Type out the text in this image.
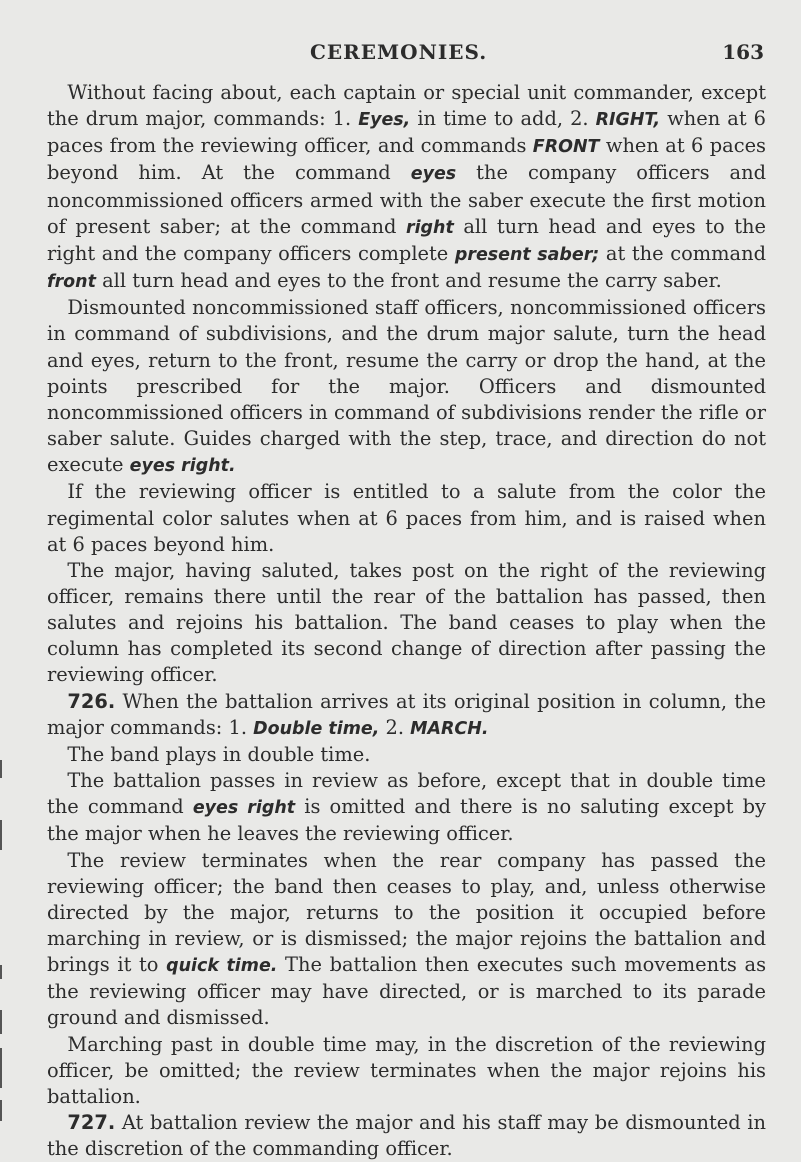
CEREMONIES.	163

Without facing about, each captain or special unit commander, except the drum major, commands: 1. Eyes, in time to add, 2. RIGHT, when at 6 paces from the reviewing officer, and commands FRONT when at 6 paces beyond him. At the command eyes the company officers and noncommissioned officers armed with the saber execute the first motion of present saber; at the command right all turn head and eyes to the right and the company officers complete present saber; at the command front all turn head and eyes to the front and resume the carry saber.

Dismounted noncommissioned staff officers, noncommissioned officers in command of subdivisions, and the drum major salute, turn the head and eyes, return to the front, resume the carry or drop the hand, at the points prescribed for the major. Officers and dismounted noncommissioned officers in command of subdivisions render the rifle or saber salute. Guides charged with the step, trace, and direction do not execute eyes right.

If the reviewing officer is entitled to a salute from the color the regimental color salutes when at 6 paces from him, and is raised when at 6 paces beyond him.

The major, having saluted, takes post on the right of the reviewing officer, remains there until the rear of the battalion has passed, then salutes and rejoins his battalion. The band ceases to play when the column has completed its second change of direction after passing the reviewing officer.

726. When the battalion arrives at its original position in column, the major commands: 1. Double time, 2. MARCH.

The band plays in double time.

The battalion passes in review as before, except that in double time the command eyes right is omitted and there is no saluting except by the major when he leaves the reviewing officer.

The review terminates when the rear company has passed the reviewing officer; the band then ceases to play, and, unless otherwise directed by the major, returns to the position it occupied before marching in review, or is dismissed; the major rejoins the battalion and brings it to quick time. The battalion then executes such movements as the reviewing officer may have directed, or is marched to its parade ground and dismissed.

Marching past in double time may, in the discretion of the reviewing officer, be omitted; the review terminates when the major rejoins his battalion.

727. At battalion review the major and his staff may be dismounted in the discretion of the commanding officer.
